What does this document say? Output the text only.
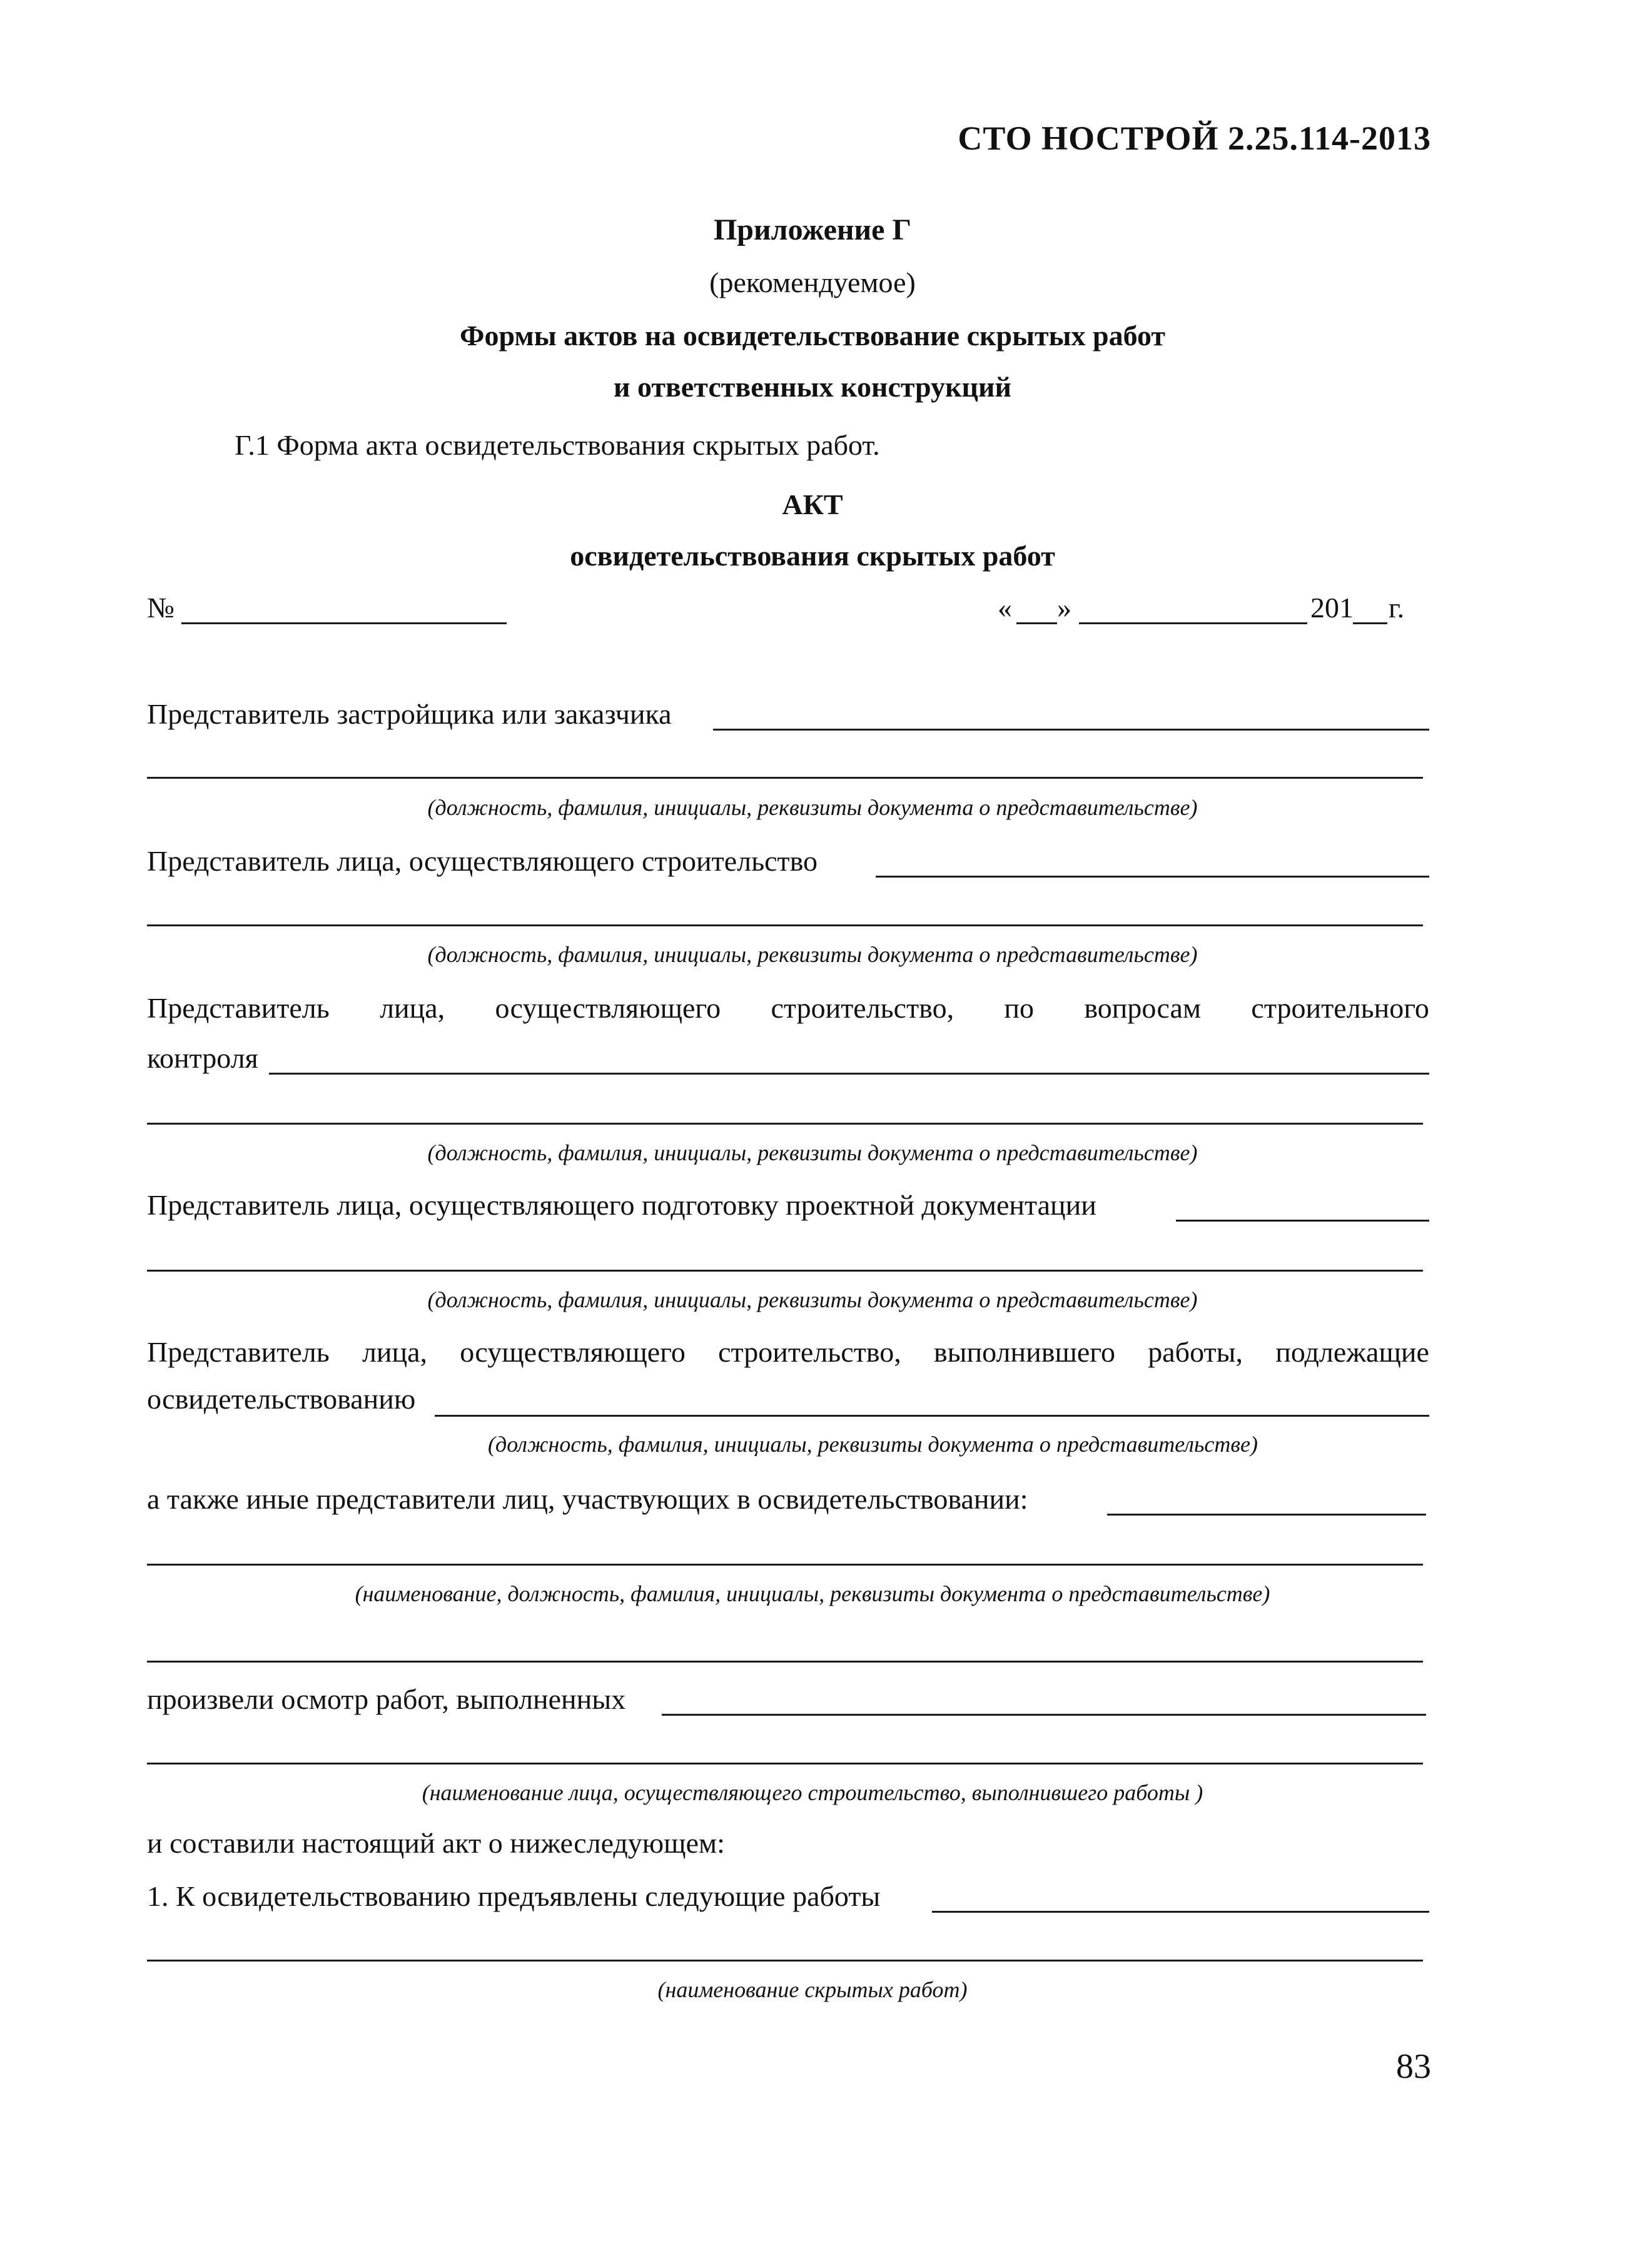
СТО НОСТРОЙ 2.25.114-2013
Приложение Г
(рекомендуемое)
Формы актов на освидетельствование скрытых работ
и ответственных конструкций
Г.1 Форма акта освидетельствования скрытых работ.
АКТ
освидетельствования скрытых работ
№	« »	201 г.
Представитель застройщика или заказчика
(должность, фамилия, инициалы, реквизиты документа о представительстве)
Представитель лица, осуществляющего строительство
(должность, фамилия, инициалы, реквизиты документа о представительстве)
Представитель лица, осуществляющего строительство, по вопросам строительного
контроля
(должность, фамилия, инициалы, реквизиты документа о представительстве)
Представитель лица, осуществляющего подготовку проектной документации
(должность, фамилия, инициалы, реквизиты документа о представительстве)
Представитель лица, осуществляющего строительство, выполнившего работы, подлежащие
освидетельствованию
(должность, фамилия, инициалы, реквизиты документа о представительстве)
а также иные представители лиц, участвующих в освидетельствовании:
(наименование, должность, фамилия, инициалы, реквизиты документа о представительстве)
произвели осмотр работ, выполненных
(наименование лица, осуществляющего строительство, выполнившего работы )
и составили настоящий акт о нижеследующем:
1. К освидетельствованию предъявлены следующие работы
(наименование скрытых работ)
83
